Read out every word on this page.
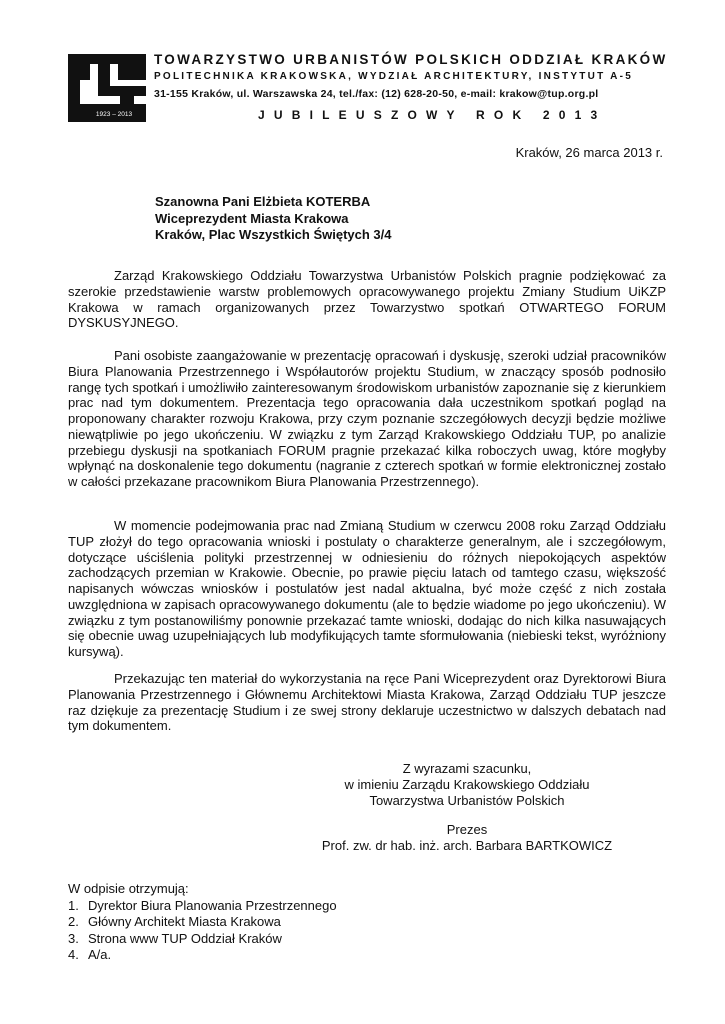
1923 – 2013
TOWARZYSTWO URBANISTÓW POLSKICH ODDZIAŁ KRAKÓW
POLITECHNIKA KRAKOWSKA, WYDZIAŁ ARCHITEKTURY, INSTYTUT A-5
31-155 Kraków, ul. Warszawska 24, tel./fax: (12) 628-20-50, e-mail: krakow@tup.org.pl
JUBILEUSZOWY ROK 2013
Kraków, 26 marca 2013 r.
Szanowna Pani Elżbieta KOTERBA
Wiceprezydent Miasta Krakowa
Kraków, Plac Wszystkich Świętych 3/4

Zarząd Krakowskiego Oddziału Towarzystwa Urbanistów Polskich pragnie podziękować za szerokie przedstawienie warstw problemowych opracowywanego projektu Zmiany Studium UiKZP Krakowa w ramach organizowanych przez Towarzystwo spotkań OTWARTEGO FORUM DYSKUSYJNEGO.

Pani osobiste zaangażowanie w prezentację opracowań i dyskusję, szeroki udział pracowników Biura Planowania Przestrzennego i Współautorów projektu Studium, w znaczący sposób podnosiło rangę tych spotkań i umożliwiło zainteresowanym środowiskom urbanistów zapoznanie się z kierunkiem prac nad tym dokumentem. Prezentacja tego opracowania dała uczestnikom spotkań pogląd na proponowany charakter rozwoju Krakowa, przy czym poznanie szczegółowych decyzji będzie możliwe niewątpliwie po jego ukończeniu. W związku z tym Zarząd Krakowskiego Oddziału TUP, po analizie przebiegu dyskusji na spotkaniach FORUM pragnie przekazać kilka roboczych uwag, które mogłyby wpłynąć na doskonalenie tego dokumentu (nagranie z czterech spotkań w formie elektronicznej zostało w całości przekazane pracownikom Biura Planowania Przestrzennego).

W momencie podejmowania prac nad Zmianą Studium w czerwcu 2008 roku Zarząd Oddziału TUP złożył do tego opracowania wnioski i postulaty o charakterze generalnym, ale i szczegółowym, dotyczące uściślenia polityki przestrzennej w odniesieniu do różnych niepokojących aspektów zachodzących przemian w Krakowie. Obecnie, po prawie pięciu latach od tamtego czasu, większość napisanych wówczas wniosków i postulatów jest nadal aktualna, być może część z nich została uwzględniona w zapisach opracowywanego dokumentu (ale to będzie wiadome po jego ukończeniu). W związku z tym postanowiliśmy ponownie przekazać tamte wnioski, dodając do nich kilka nasuwających się obecnie uwag uzupełniających lub modyfikujących tamte sformułowania (niebieski tekst, wyróżniony kursywą).

Przekazując ten materiał do wykorzystania na ręce Pani Wiceprezydent oraz Dyrektorowi Biura Planowania Przestrzennego i Głównemu Architektowi Miasta Krakowa, Zarząd Oddziału TUP jeszcze raz dziękuje za prezentację Studium i ze swej strony deklaruje uczestnictwo w dalszych debatach nad tym dokumentem.

Z wyrazami szacunku,
w imieniu Zarządu Krakowskiego Oddziału
Towarzystwa Urbanistów Polskich
Prezes
Prof. zw. dr hab. inż. arch. Barbara BARTKOWICZ
W odpisie otrzymują:
1. Dyrektor Biura Planowania Przestrzennego
2. Główny Architekt Miasta Krakowa
3. Strona www TUP Oddział Kraków
4. A/a.
